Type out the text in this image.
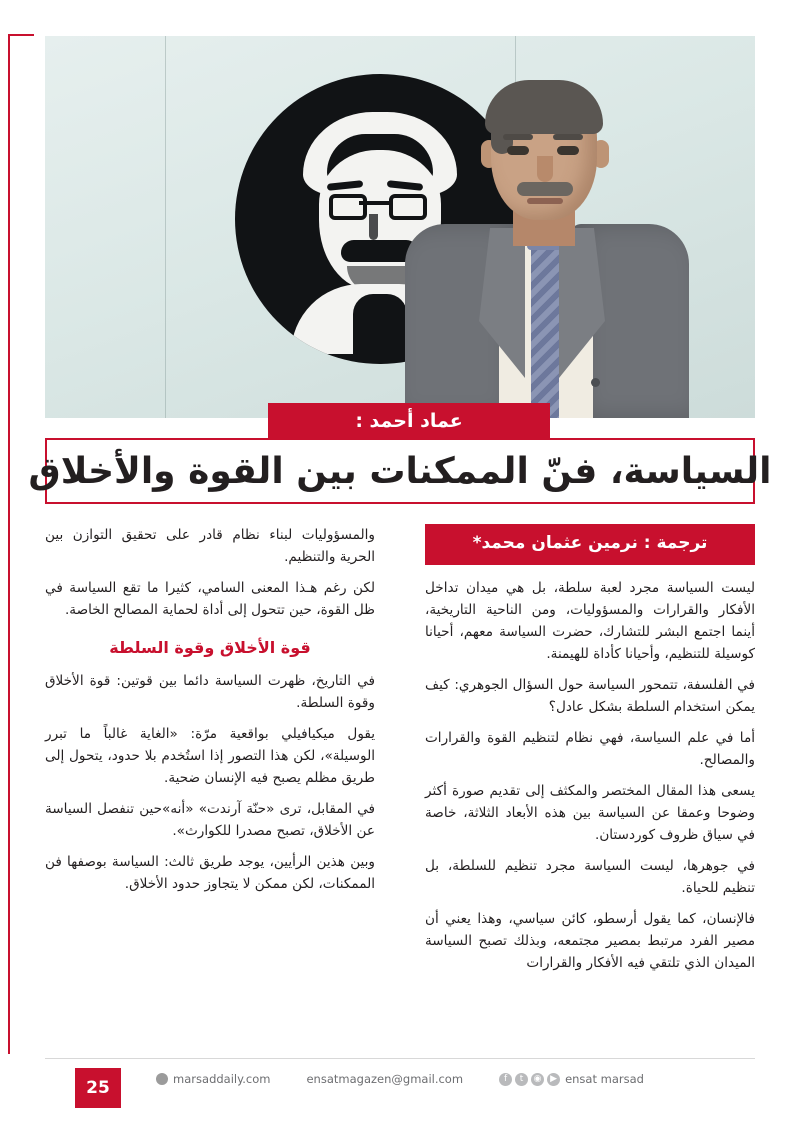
عماد أحمد :
السياسة، فنّ الممكنات بين القوة والأخلاق
ترجمة : نرمين عثمان محمد*

ليست السياسة مجرد لعبة سلطة، بل هي ميدان تداخل الأفكار والقرارات والمسؤوليات، ومن الناحية التاريخية، أينما اجتمع البشر للتشارك، حضرت السياسة معهم، أحيانا كوسيلة للتنظيم، وأحيانا كأداة للهيمنة.

في الفلسفة، تتمحور السياسة حول السؤال الجوهري: كيف يمكن استخدام السلطة بشكل عادل؟

أما في علم السياسة، فهي نظام لتنظيم القوة والقرارات والمصالح.

يسعى هذا المقال المختصر والمكثف إلى تقديم صورة أكثر وضوحا وعمقا عن السياسة بين هذه الأبعاد الثلاثة، خاصة في سياق ظروف كوردستان.

في جوهرها، ليست السياسة مجرد تنظيم للسلطة، بل تنظيم للحياة.

فالإنسان، كما يقول أرسطو، كائن سياسي، وهذا يعني أن مصير الفرد مرتبط بمصير مجتمعه، وبذلك تصبح السياسة الميدان الذي تلتقي فيه الأفكار والقرارات

والمسؤوليات لبناء نظام قادر على تحقيق التوازن بين الحرية والتنظيم.

لكن رغم هـذا المعنى السامي، كثيرا ما تقع السياسة في ظل القوة، حين تتحول إلى أداة لحماية المصالح الخاصة.

قوة الأخلاق وقوة السلطة

في التاريخ، ظهرت السياسة دائما بين قوتين: قوة الأخلاق وقوة السلطة.

يقول ميكيافيلي بواقعية مرّة: «الغاية غالباً ما تبرر الوسيلة»، لكن هذا التصور إذا استُخدم بلا حدود، يتحول إلى طريق مظلم يصبح فيه الإنسان ضحية.

في المقابل، ترى «حنّة آرندت» «أنه»حين تنفصل السياسة عن الأخلاق، تصبح مصدرا للكوارث».

وبين هذين الرأيين، يوجد طريق ثالث: السياسة بوصفها فن الممكنات، لكن ممكن لا يتجاوز حدود الأخلاق.

25	marsaddaily.com	ensatmagazen@gmail.com	f	t	◉ ▶ ensat marsad
